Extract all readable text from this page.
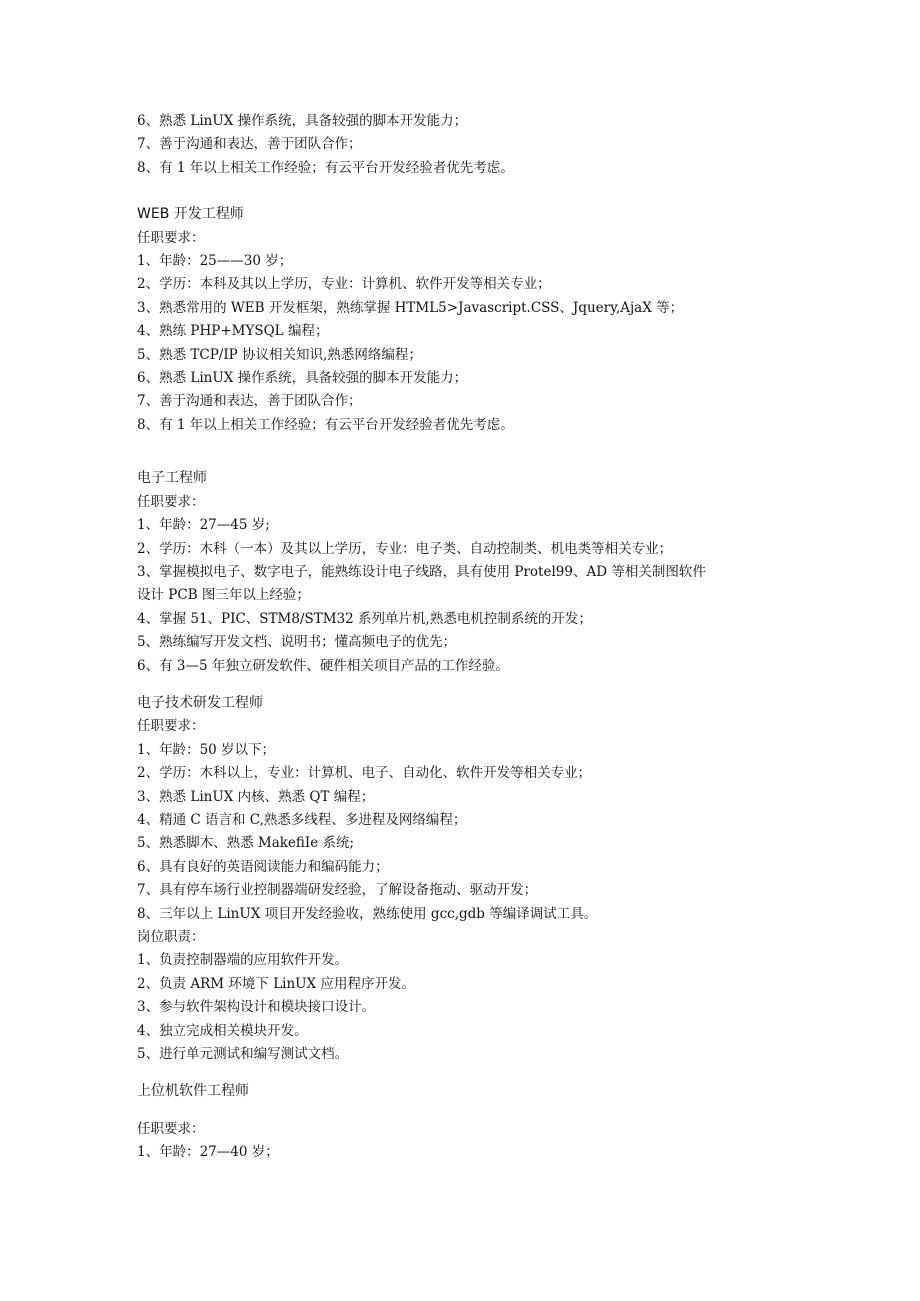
6、熟悉 LinUX 操作系统，具备较强的脚本开发能力；

7、善于沟通和表达，善于团队合作；

8、有 1 年以上相关工作经验；有云平台开发经验者优先考虑。

WEB 开发工程师

任职要求：

1、年龄：25——30 岁；

2、学历：本科及其以上学历，专业：计算机、软件开发等相关专业；

3、熟悉常用的 WEB 开发框架，熟练掌握 HTML5>Javascript.CSS、Jquery,AjaX 等；

4、熟练 PHP+MYSQL 编程；

5、熟悉 TCP/IP 协议相关知识,熟悉网络编程；

6、熟悉 LinUX 操作系统，具备较强的脚本开发能力；

7、善于沟通和表达，善于团队合作；

8、有 1 年以上相关工作经验；有云平台开发经验者优先考虑。

电子工程师

任职要求：

1、年龄：27—45 岁;

2、学历：木科（一本）及其以上学历，专业：电子类、自动控制类、机电类等相关专业；

3、掌握模拟电子、数字电子，能熟练设计电子线路，具有使用 Protel99、AD 等相关制图软件

设计 PCB 图三年以上经验；

4、掌握 51、PIC、STM8/STM32 系列单片机,熟悉电机控制系统的开发；

5、熟练编写开发文档、说明书；懂高频电子的优先；

6、有 3—5 年独立研发软件、硬件相关项目产品的工作经验。

电子技术研发工程师

任职要求：

1、年龄：50 岁以下；

2、学历：木科以上，专业：计算机、电子、自动化、软件开发等相关专业；

3、熟悉 LinUX 内核、熟悉 QT 编程；

4、精通 C 语言和 C,熟悉多线程、多进程及网络编程；

5、熟悉脚木、熟悉 MakefiIe 系统;

6、具有良好的英语阅读能力和编码能力；

7、具有停车场行业控制器端研发经验，了解设备拖动、驱动开发；

8、三年以上 LinUX 项目开发经验收，熟练使用 gcc,gdb 等编译调试工具。

岗位职责：

1、负责控制器端的应用软件开发。

2、负责 ARM 环境下 LinUX 应用程序开发。

3、参与软件架构设计和模块接口设计。

4、独立完成相关模块开发。

5、进行单元测试和编写测试文档。

上位机软件工程师

任职要求：

1、年龄：27—40 岁；
